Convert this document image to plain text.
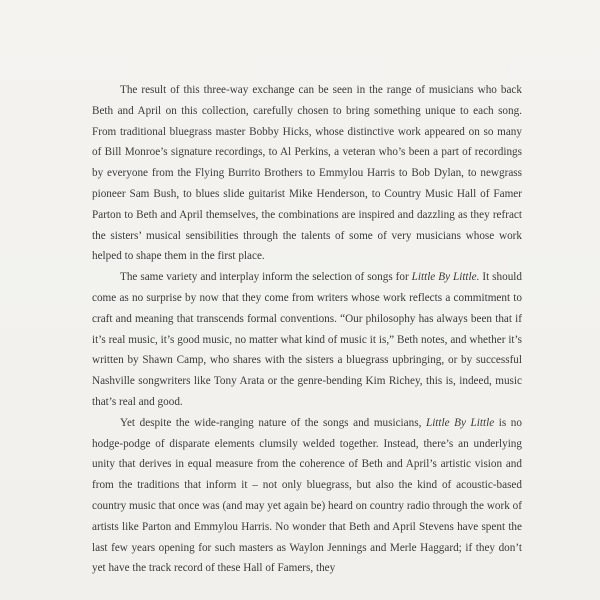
The result of this three-way exchange can be seen in the range of musicians who back Beth and April on this collection, carefully chosen to bring something unique to each song. From traditional bluegrass master Bobby Hicks, whose distinctive work appeared on so many of Bill Monroe’s signature recordings, to Al Perkins, a veteran who’s been a part of recordings by everyone from the Flying Burrito Brothers to Emmylou Harris to Bob Dylan, to newgrass pioneer Sam Bush, to blues slide guitarist Mike Henderson, to Country Music Hall of Famer Parton to Beth and April themselves, the combinations are inspired and dazzling as they refract the sisters’ musical sensibilities through the talents of some of very musicians whose work helped to shape them in the first place.

The same variety and interplay inform the selection of songs for Little By Little. It should come as no surprise by now that they come from writers whose work reflects a commitment to craft and meaning that transcends formal conventions. “Our philosophy has always been that if it’s real music, it’s good music, no matter what kind of music it is,” Beth notes, and whether it’s written by Shawn Camp, who shares with the sisters a bluegrass upbringing, or by successful Nashville songwriters like Tony Arata or the genre-bending Kim Richey, this is, indeed, music that’s real and good.

Yet despite the wide-ranging nature of the songs and musicians, Little By Little is no hodge-podge of disparate elements clumsily welded together. Instead, there’s an underlying unity that derives in equal measure from the coherence of Beth and April’s artistic vision and from the traditions that inform it – not only bluegrass, but also the kind of acoustic-based country music that once was (and may yet again be) heard on country radio through the work of artists like Parton and Emmylou Harris. No wonder that Beth and April Stevens have spent the last few years opening for such masters as Waylon Jennings and Merle Haggard; if they don’t yet have the track record of these Hall of Famers, they
